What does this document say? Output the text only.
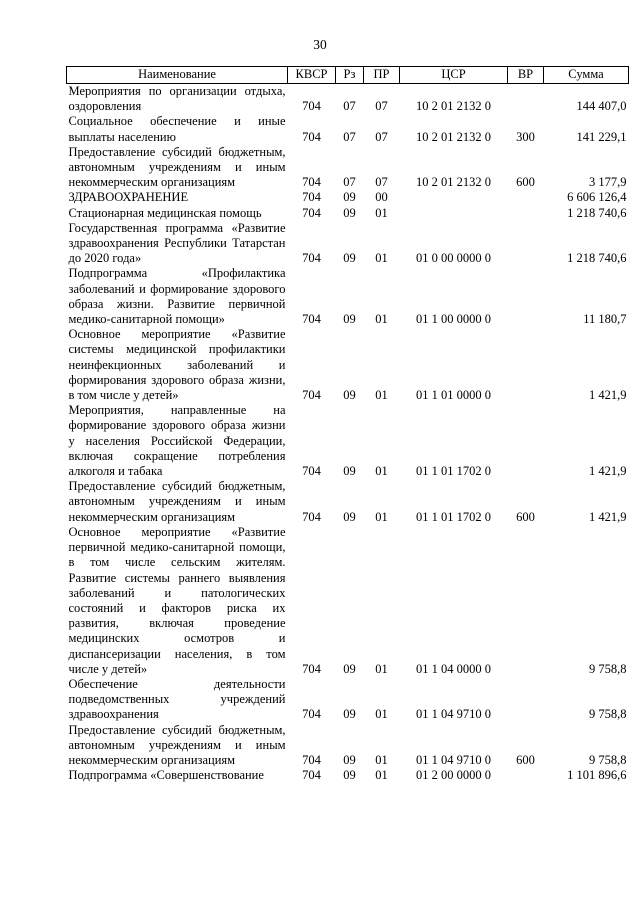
30
Наименование	КВСР	Рз	ПР	ЦСР	ВР	Сумма
Мероприятия по организации отдыха, оздоровления	704	07	07	10 2 01 2132 0		144 407,0
Социальное обеспечение и иные выплаты населению	704	07	07	10 2 01 2132 0	300	141 229,1
Предоставление субсидий бюджетным, автономным учреждениям и иным некоммерческим организациям	704	07	07	10 2 01 2132 0	600	3 177,9
ЗДРАВООХРАНЕНИЕ	704	09	00			6 606 126,4
Стационарная медицинская помощь	704	09	01			1 218 740,6
Государственная программа «Развитие здравоохранения Республики Татарстан до 2020 года»	704	09	01	01 0 00 0000 0		1 218 740,6
Подпрограмма «Профилактика заболеваний и формирование здорового образа жизни. Развитие первичной медико-санитарной помощи»	704	09	01	01 1 00 0000 0		11 180,7
Основное мероприятие «Развитие системы медицинской профилактики неинфекционных заболеваний и формирования здорового образа жизни, в том числе у детей»	704	09	01	01 1 01 0000 0		1 421,9
Мероприятия, направленные на формирование здорового образа жизни у населения Российской Федерации, включая сокращение потребления алкоголя и табака	704	09	01	01 1 01 1702 0		1 421,9
Предоставление субсидий бюджетным, автономным учреждениям и иным некоммерческим организациям	704	09	01	01 1 01 1702 0	600	1 421,9
Основное мероприятие «Развитие первичной медико-санитарной помощи, в том числе сельским жителям. Развитие системы раннего выявления заболеваний и патологических состояний и факторов риска их развития, включая проведение медицинских осмотров и диспансеризации населения, в том числе у детей»	704	09	01	01 1 04 0000 0		9 758,8
Обеспечение деятельности подведомственных учреждений здравоохранения	704	09	01	01 1 04 9710 0		9 758,8
Предоставление субсидий бюджетным, автономным учреждениям и иным некоммерческим организациям	704	09	01	01 1 04 9710 0	600	9 758,8
Подпрограмма «Совершенствование	704	09	01	01 2 00 0000 0		1 101 896,6
